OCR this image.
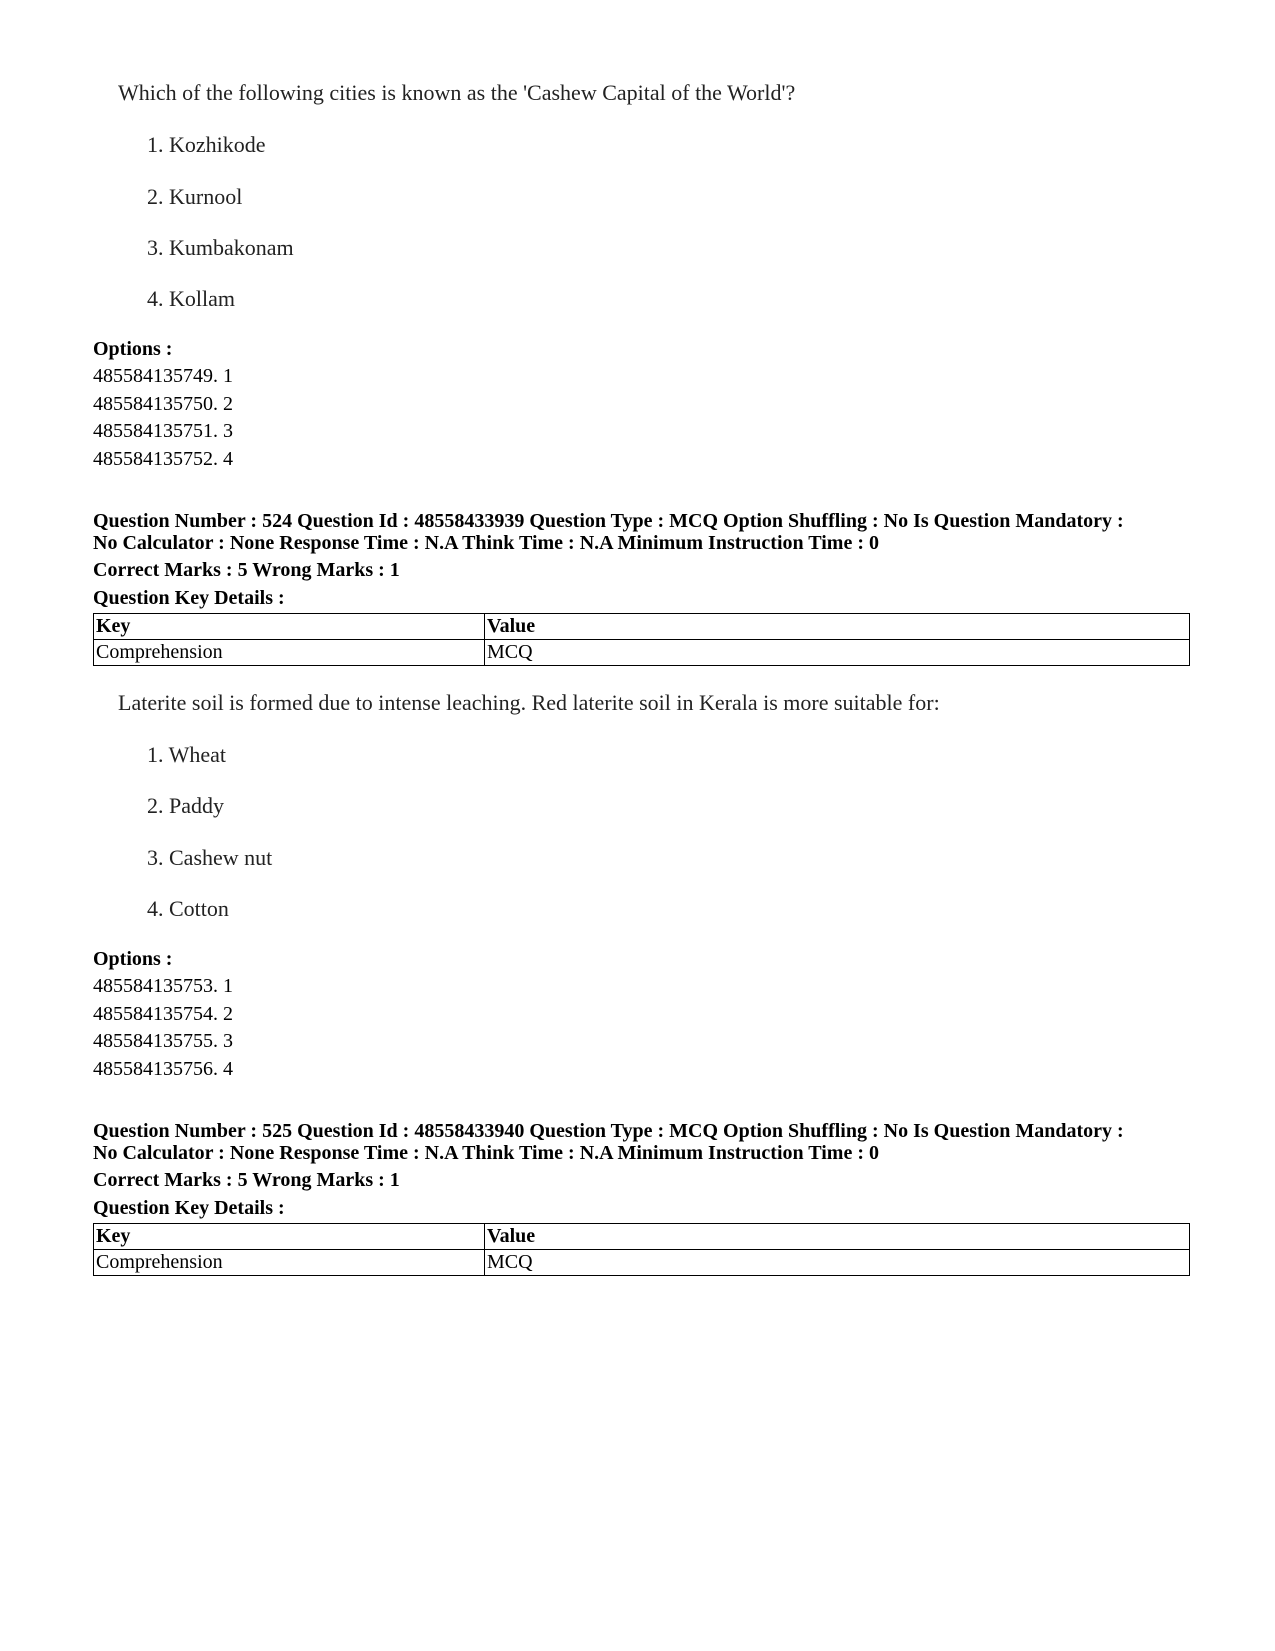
Which of the following cities is known as the 'Cashew Capital of the World'?
1. Kozhikode
2. Kurnool
3. Kumbakonam
4. Kollam
Options :
485584135749. 1
485584135750. 2
485584135751. 3
485584135752. 4
Question Number : 524 Question Id : 48558433939 Question Type : MCQ Option Shuffling : No Is Question Mandatory :
No Calculator : None Response Time : N.A Think Time : N.A Minimum Instruction Time : 0
Correct Marks : 5 Wrong Marks : 1
Question Key Details :
Key	Value
Comprehension	MCQ
Laterite soil is formed due to intense leaching. Red laterite soil in Kerala is more suitable for:
1. Wheat
2. Paddy
3. Cashew nut
4. Cotton
Options :
485584135753. 1
485584135754. 2
485584135755. 3
485584135756. 4
Question Number : 525 Question Id : 48558433940 Question Type : MCQ Option Shuffling : No Is Question Mandatory :
No Calculator : None Response Time : N.A Think Time : N.A Minimum Instruction Time : 0
Correct Marks : 5 Wrong Marks : 1
Question Key Details :
Key	Value
Comprehension	MCQ
